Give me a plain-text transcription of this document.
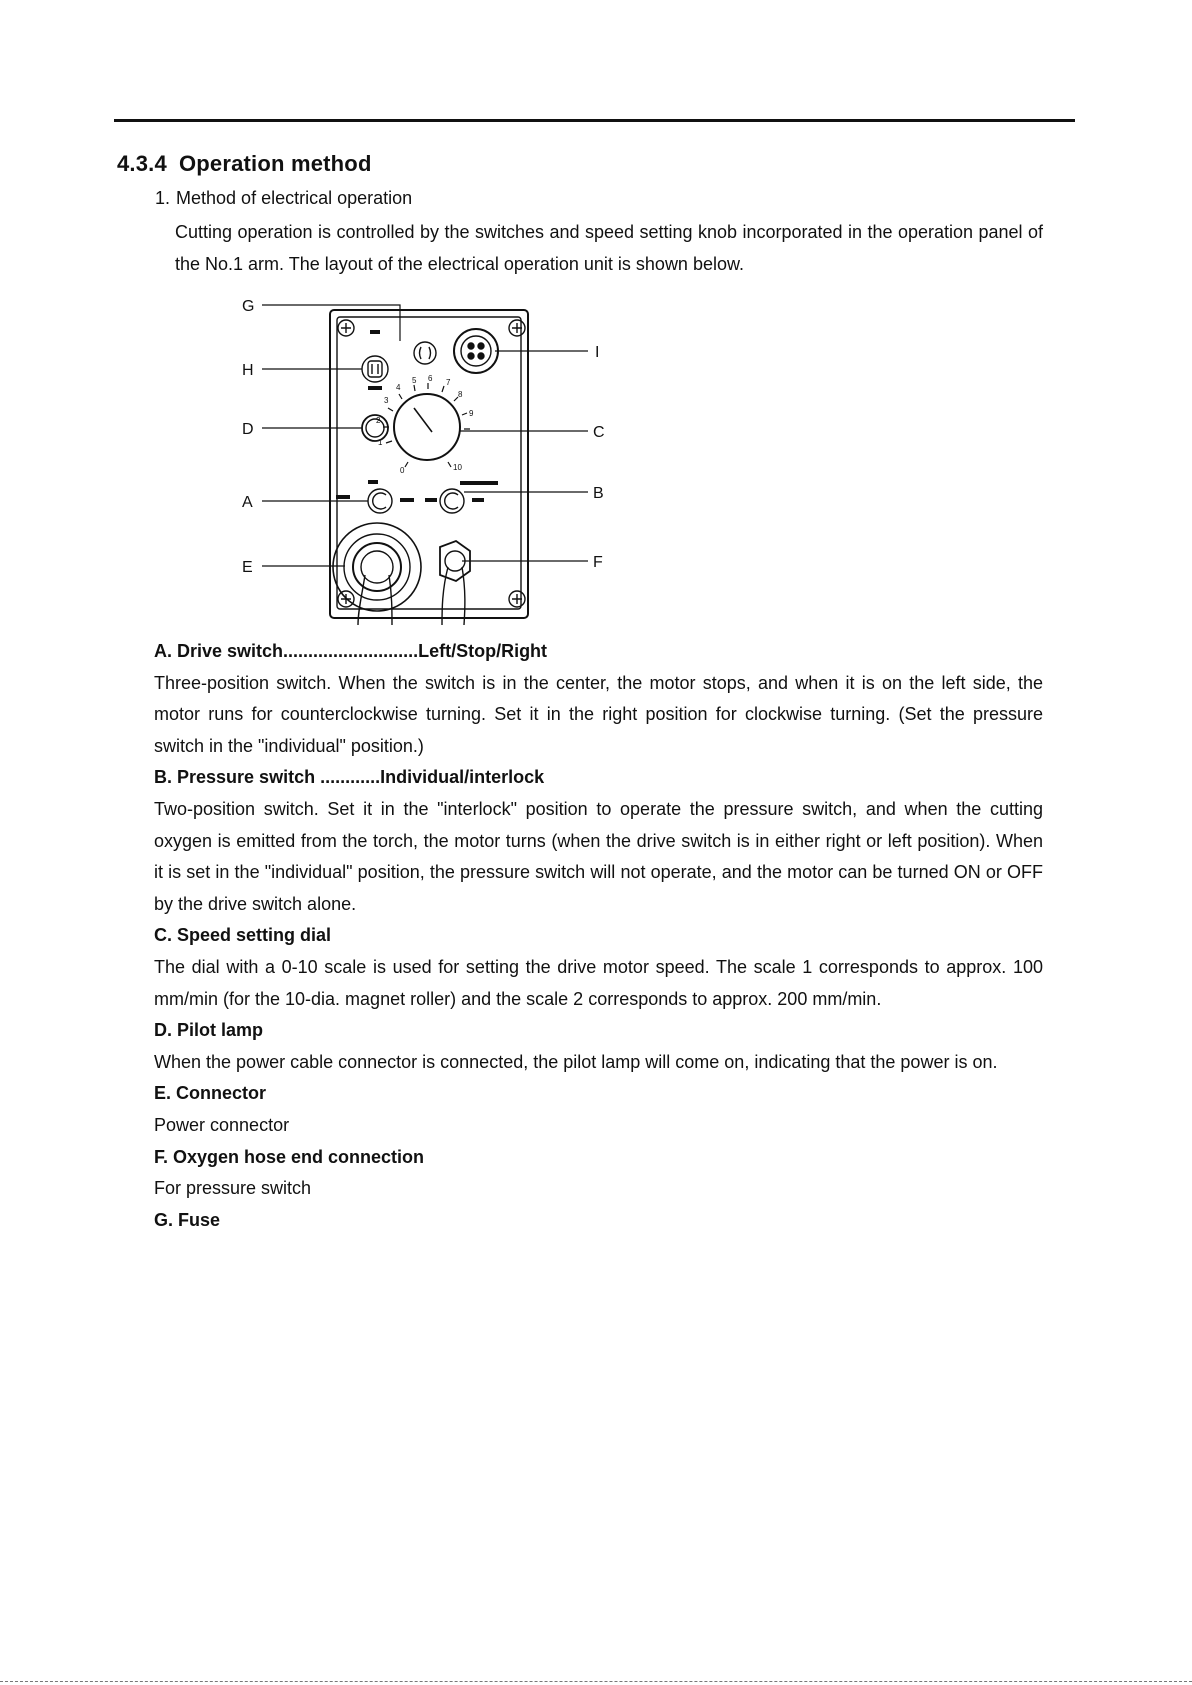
4.3.4 Operation method
1. Method of electrical operation

Cutting operation is controlled by the switches and speed setting knob incorporated in the operation panel of the No.1 arm. The layout of the electrical operation unit is shown below.

0
1
2
3
4
5 6 7
8
9
10
G
H
D
A
E
I
C
B
F

A. Drive switch...........................Left/Stop/Right

Three-position switch. When the switch is in the center, the motor stops, and when it is on the left side, the motor runs for counterclockwise turning. Set it in the right position for clockwise turning. (Set the pressure switch in the "individual" position.)

B. Pressure switch ............Individual/interlock

Two-position switch. Set it in the "interlock" position to operate the pressure switch, and when the cutting oxygen is emitted from the torch, the motor turns (when the drive switch is in either right or left position). When it is set in the "individual" position, the pressure switch will not operate, and the motor can be turned ON or OFF by the drive switch alone.

C. Speed setting dial

The dial with a 0-10 scale is used for setting the drive motor speed. The scale 1 corresponds to approx. 100 mm/min (for the 10-dia. magnet roller) and the scale 2 corresponds to approx. 200 mm/min.

D. Pilot lamp

When the power cable connector is connected, the pilot lamp will come on, indicating that the power is on.

E. Connector

Power connector

F. Oxygen hose end connection

For pressure switch

G. Fuse
